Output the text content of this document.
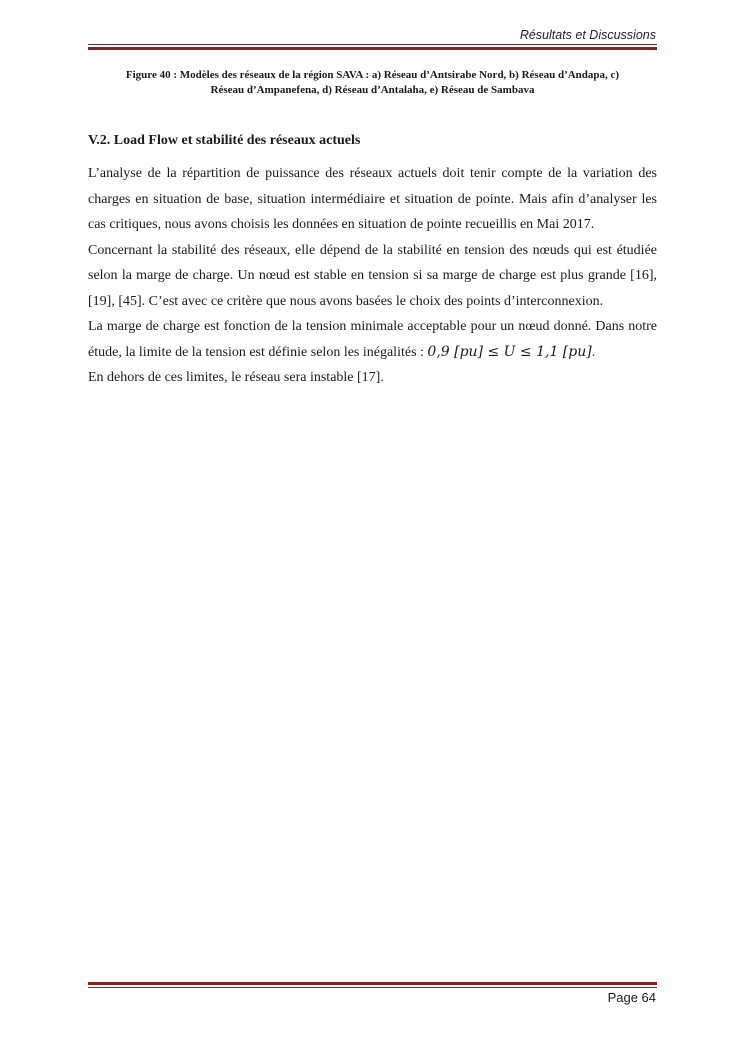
Résultats et Discussions
Figure 40 : Modèles des réseaux de la région SAVA : a) Réseau d’Antsirabe Nord, b) Réseau d’Andapa, c)
Réseau d’Ampanefena, d) Réseau d’Antalaha, e) Réseau de Sambava
V.2. Load Flow et stabilité des réseaux actuels

L’analyse de la répartition de puissance des réseaux actuels doit tenir compte de la variation des charges en situation de base, situation intermédiaire et situation de pointe. Mais afin d’analyser les cas critiques, nous avons choisis les données en situation de pointe recueillis en Mai 2017.

Concernant la stabilité des réseaux, elle dépend de la stabilité en tension des nœuds qui est étudiée selon la marge de charge. Un nœud est stable en tension si sa marge de charge est plus grande [16], [19], [45]. C’est avec ce critère que nous avons basées le choix des points d’interconnexion.

La marge de charge est fonction de la tension minimale acceptable pour un nœud donné. Dans notre étude, la limite de la tension est définie selon les inégalités : 0,9 [pu] ≤ U ≤ 1,1 [pu].

En dehors de ces limites, le réseau sera instable [17].

Page 64
